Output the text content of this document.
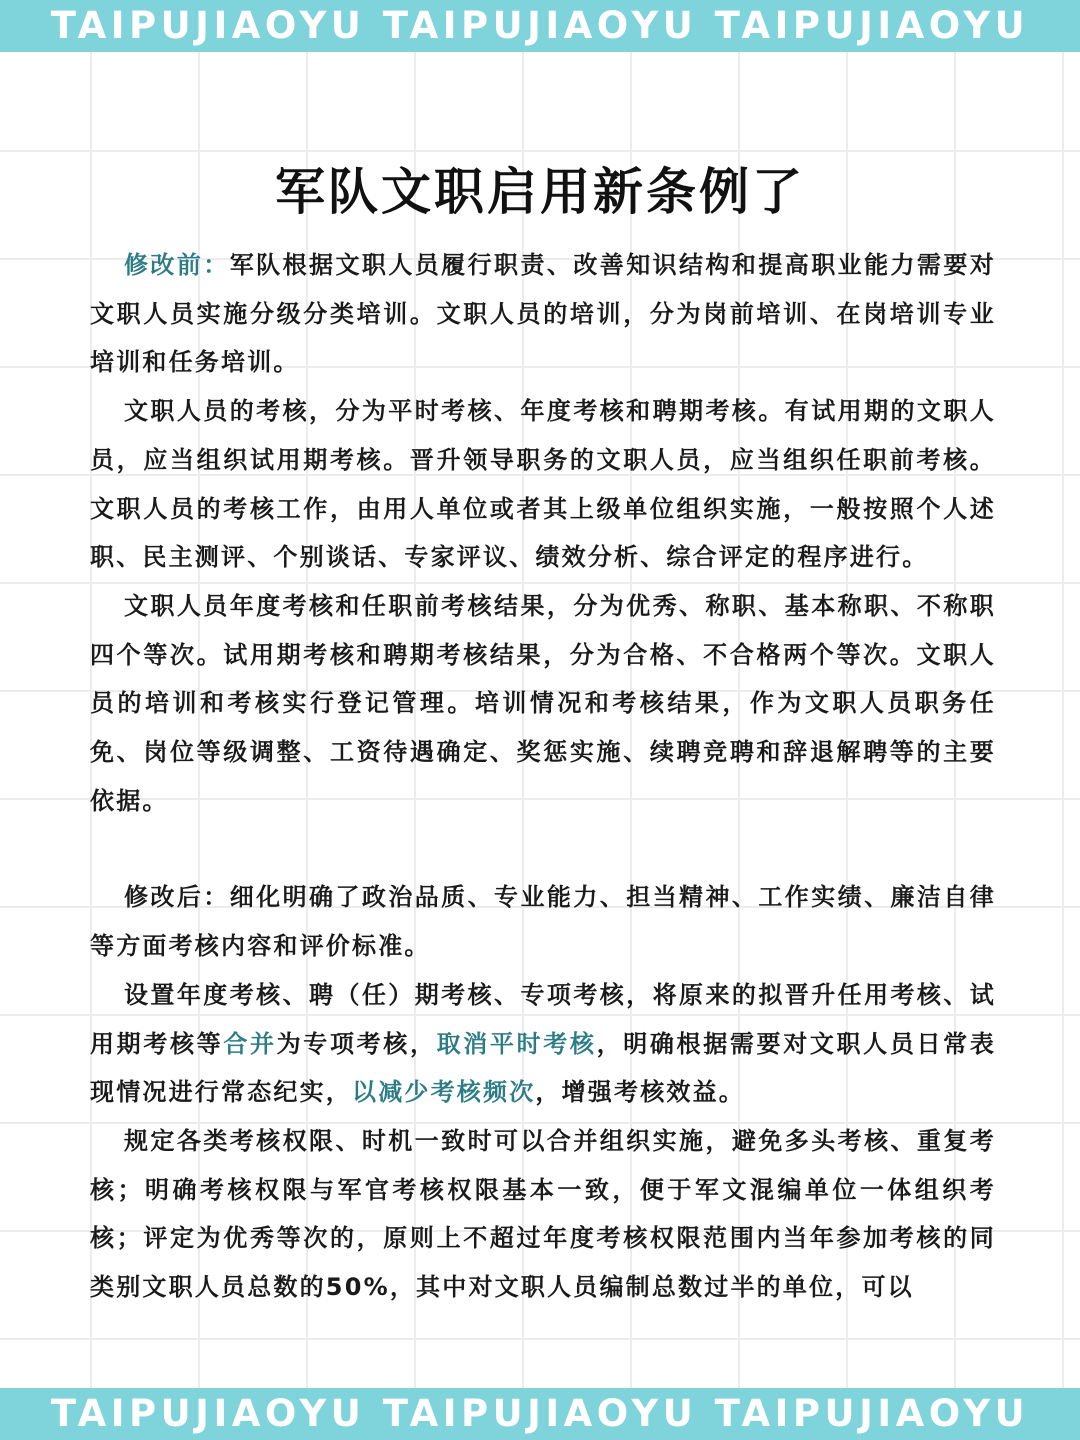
TAIPUJIAOYU TAIPUJIAOYU TAIPUJIAOYU
军队文职启用新条例了

修改前：军队根据文职人员履行职责、改善知识结构和提高职业能力需要对文职人员实施分级分类培训。文职人员的培训，分为岗前培训、在岗培训专业培训和任务培训。

文职人员的考核，分为平时考核、年度考核和聘期考核。有试用期的文职人员，应当组织试用期考核。晋升领导职务的文职人员，应当组织任职前考核。文职人员的考核工作，由用人单位或者其上级单位组织实施，一般按照个人述职、民主测评、个别谈话、专家评议、绩效分析、综合评定的程序进行。

文职人员年度考核和任职前考核结果，分为优秀、称职、基本称职、不称职四个等次。试用期考核和聘期考核结果，分为合格、不合格两个等次。文职人员的培训和考核实行登记管理。培训情况和考核结果，作为文职人员职务任免、岗位等级调整、工资待遇确定、奖惩实施、续聘竞聘和辞退解聘等的主要依据。

修改后：细化明确了政治品质、专业能力、担当精神、工作实绩、廉洁自律等方面考核内容和评价标准。

设置年度考核、聘（任）期考核、专项考核，将原来的拟晋升任用考核、试用期考核等合并为专项考核，取消平时考核，明确根据需要对文职人员日常表现情况进行常态纪实，以减少考核频次，增强考核效益。

规定各类考核权限、时机一致时可以合并组织实施，避免多头考核、重复考核；明确考核权限与军官考核权限基本一致，便于军文混编单位一体组织考核；评定为优秀等次的，原则上不超过年度考核权限范围内当年参加考核的同类别文职人员总数的50%，其中对文职人员编制总数过半的单位，可以

TAIPUJIAOYU TAIPUJIAOYU TAIPUJIAOYU
